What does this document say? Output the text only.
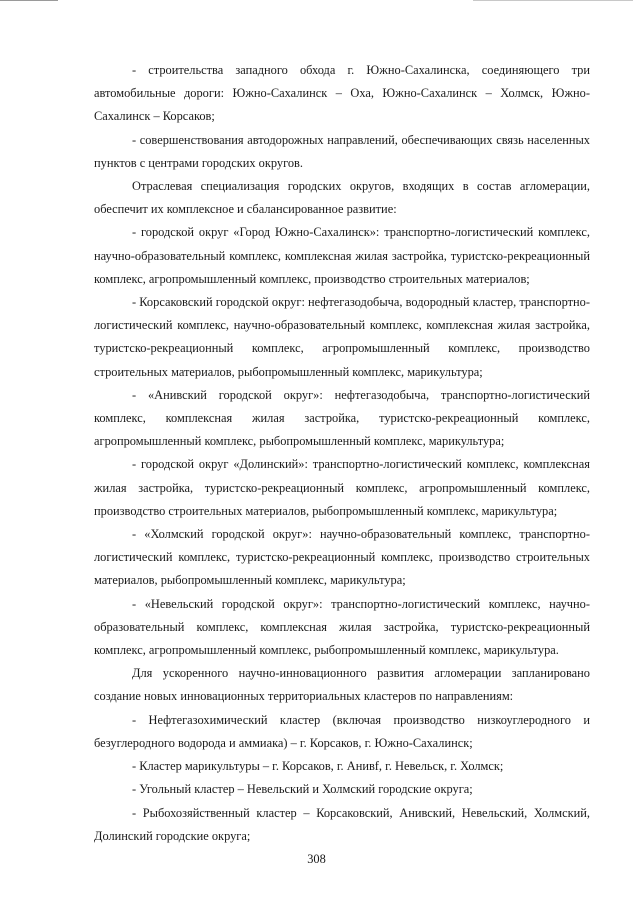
- строительства западного обхода г. Южно-Сахалинска, соединяющего три автомобильные дороги: Южно-Сахалинск – Оха, Южно-Сахалинск – Холмск, Южно-Сахалинск – Корсаков;

- совершенствования автодорожных направлений, обеспечивающих связь населенных пунктов с центрами городских округов.

Отраслевая специализация городских округов, входящих в состав агломерации, обеспечит их комплексное и сбалансированное развитие:

- городской округ «Город Южно-Сахалинск»: транспортно-логистический комплекс, научно-образовательный комплекс, комплексная жилая застройка, туристско-рекреационный комплекс, агропромышленный комплекс, производство строительных материалов;

- Корсаковский городской округ: нефтегазодобыча, водородный кластер, транспортно-логистический комплекс, научно-образовательный комплекс, комплексная жилая застройка, туристско-рекреационный комплекс, агропромышленный комплекс, производство строительных материалов, рыбопромышленный комплекс, марикультура;

- «Анивский городской округ»: нефтегазодобыча, транспортно-логистический комплекс, комплексная жилая застройка, туристско-рекреационный комплекс, агропромышленный комплекс, рыбопромышленный комплекс, марикультура;

- городской округ «Долинский»: транспортно-логистический комплекс, комплексная жилая застройка, туристско-рекреационный комплекс, агропромышленный комплекс, производство строительных материалов, рыбопромышленный комплекс, марикультура;

- «Холмский городской округ»: научно-образовательный комплекс, транспортно-логистический комплекс, туристско-рекреационный комплекс, производство строительных материалов, рыбопромышленный комплекс, марикультура;

- «Невельский городской округ»: транспортно-логистический комплекс, научно-образовательный комплекс, комплексная жилая застройка, туристско-рекреационный комплекс, агропромышленный комплекс, рыбопромышленный комплекс, марикультура.

Для ускоренного научно-инновационного развития агломерации запланировано создание новых инновационных территориальных кластеров по направлениям:

- Нефтегазохимический кластер (включая производство низкоуглеродного и безуглеродного водорода и аммиака) – г. Корсаков, г. Южно-Сахалинск;

- Кластер марикультуры – г. Корсаков, г. Анивf, г. Невельск, г. Холмск;

- Угольный кластер – Невельский и Холмский городские округа;

- Рыбохозяйственный кластер – Корсаковский, Анивский, Невельский, Холмский, Долинский городские округа;

308
